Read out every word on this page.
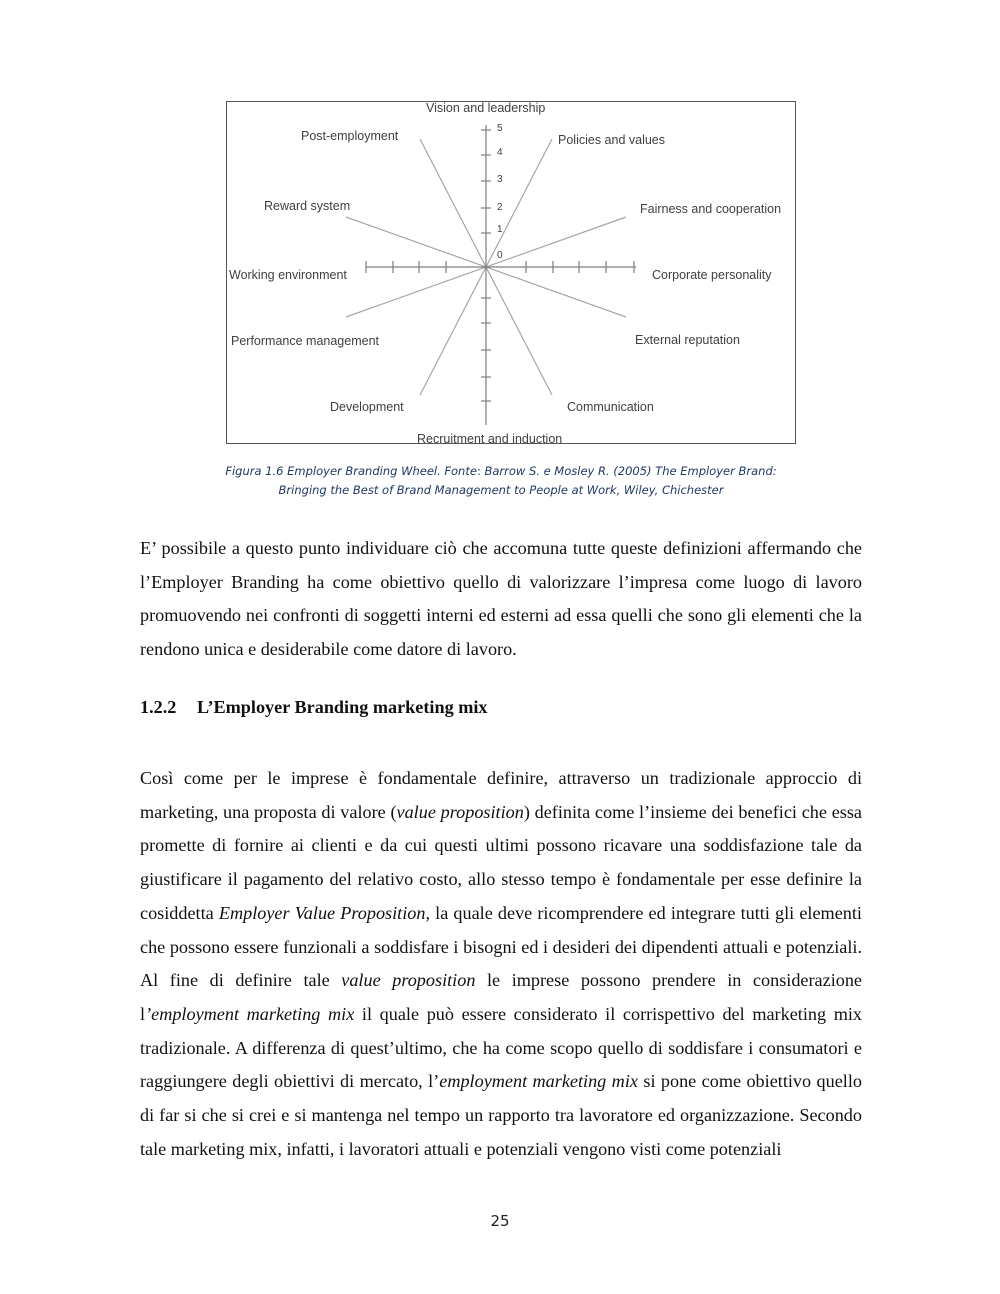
5
4
3
2
1
0
Vision and leadership
Policies and values
Fairness and cooperation
Corporate personality
External reputation
Communication
Recruitment and induction
Development
Performance management
Working environment
Reward system
Post-employment
Figura 1.6 Employer Branding Wheel. Fonte: Barrow S. e Mosley R. (2005) The Employer Brand:
Bringing the Best of Brand Management to People at Work, Wiley, Chichester

E’ possibile a questo punto individuare ciò che accomuna tutte queste definizioni affermando che l’Employer Branding ha come obiettivo quello di valorizzare l’impresa come luogo di lavoro promuovendo nei confronti di soggetti interni ed esterni ad essa quelli che sono gli elementi che la rendono unica e desiderabile come datore di lavoro.

1.2.2 L’Employer Branding marketing mix

Così come per le imprese è fondamentale definire, attraverso un tradizionale approccio di marketing, una proposta di valore (value proposition) definita come l’insieme dei benefici che essa promette di fornire ai clienti e da cui questi ultimi possono ricavare una soddisfazione tale da giustificare il pagamento del relativo costo, allo stesso tempo è fondamentale per esse definire la cosiddetta Employer Value Proposition, la quale deve ricomprendere ed integrare tutti gli elementi che possono essere funzionali a soddisfare i bisogni ed i desideri dei dipendenti attuali e potenziali. Al fine di definire tale value proposition le imprese possono prendere in considerazione l’employment marketing mix il quale può essere considerato il corrispettivo del marketing mix tradizionale. A differenza di quest’ultimo, che ha come scopo quello di soddisfare i consumatori e raggiungere degli obiettivi di mercato, l’employment marketing mix si pone come obiettivo quello di far si che si crei e si mantenga nel tempo un rapporto tra lavoratore ed organizzazione. Secondo tale marketing mix, infatti, i lavoratori attuali e potenziali vengono visti come potenziali

25
